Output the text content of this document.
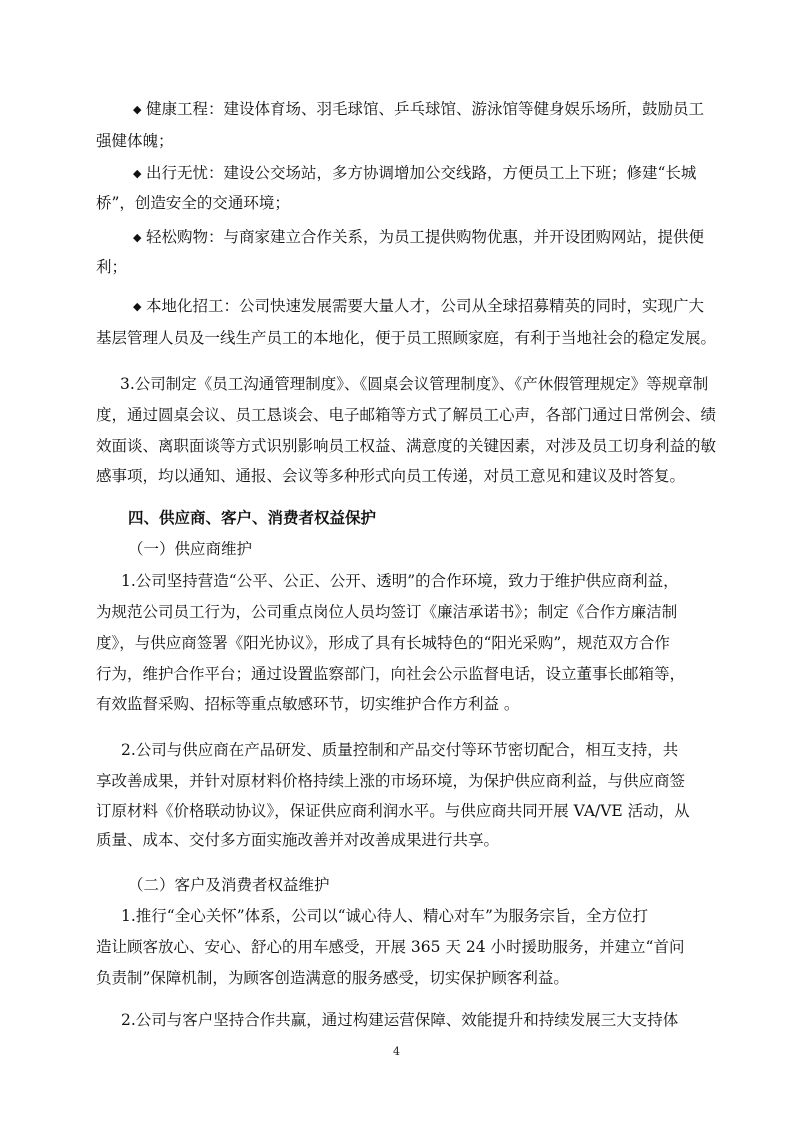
◆ 健康工程：建设体育场、羽毛球馆、乒乓球馆、游泳馆等健身娱乐场所，鼓励员工
强健体魄；
◆ 出行无忧：建设公交场站，多方协调增加公交线路，方便员工上下班；修建“长城
桥”，创造安全的交通环境；
◆ 轻松购物：与商家建立合作关系，为员工提供购物优惠，并开设团购网站，提供便
利；
◆ 本地化招工：公司快速发展需要大量人才，公司从全球招募精英的同时，实现广大
基层管理人员及一线生产员工的本地化，便于员工照顾家庭，有利于当地社会的稳定发展。
3.公司制定《员工沟通管理制度》、《圆桌会议管理制度》、《产休假管理规定》等规章制
度，通过圆桌会议、员工恳谈会、电子邮箱等方式了解员工心声，各部门通过日常例会、绩
效面谈、离职面谈等方式识别影响员工权益、满意度的关键因素，对涉及员工切身利益的敏
感事项，均以通知、通报、会议等多种形式向员工传递，对员工意见和建议及时答复。
四、供应商、客户、消费者权益保护
（一）供应商维护
1.公司坚持营造“公平、公正、公开、透明”的合作环境，致力于维护供应商利益，
为规范公司员工行为，公司重点岗位人员均签订《廉洁承诺书》；制定《合作方廉洁制
度》，与供应商签署《阳光协议》，形成了具有长城特色的“阳光采购”，规范双方合作
行为，维护合作平台；通过设置监察部门，向社会公示监督电话，设立董事长邮箱等，
有效监督采购、招标等重点敏感环节，切实维护合作方利益 。
2.公司与供应商在产品研发、质量控制和产品交付等环节密切配合，相互支持，共
享改善成果，并针对原材料价格持续上涨的市场环境，为保护供应商利益，与供应商签
订原材料《价格联动协议》，保证供应商利润水平。与供应商共同开展 VA/VE 活动，从
质量、成本、交付多方面实施改善并对改善成果进行共享。
（二）客户及消费者权益维护
1.推行“全心关怀”体系，公司以“诚心待人、精心对车”为服务宗旨，全方位打
造让顾客放心、安心、舒心的用车感受，开展 365 天 24 小时援助服务，并建立“首问
负责制”保障机制，为顾客创造满意的服务感受，切实保护顾客利益。
2.公司与客户坚持合作共赢，通过构建运营保障、效能提升和持续发展三大支持体
4
